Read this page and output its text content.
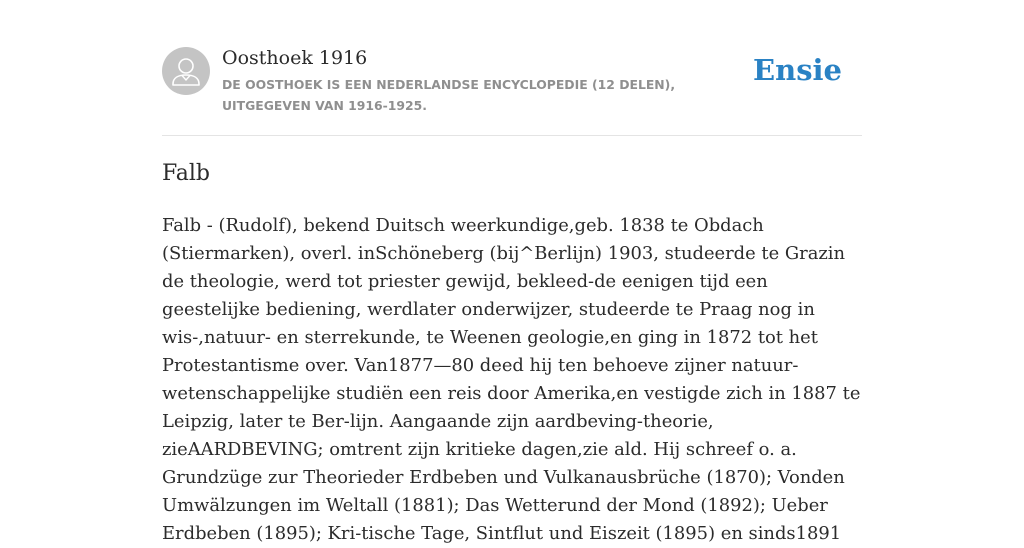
Oosthoek 1916
DE OOSTHOEK IS EEN NEDERLANDSE ENCYCLOPEDIE (12 DELEN), UITGEGEVEN VAN 1916-1925.
Ensie
Falb

Falb - (Rudolf), bekend Duitsch weerkundige,geb. 1838 te Obdach (Stiermarken), overl. inSchöneberg (bij^Berlijn) 1903, studeerde te Grazin de theologie, werd tot priester gewijd, bekleed-de eenigen tijd een geestelijke bediening, werdlater onderwijzer, studeerde te Praag nog in wis-,natuur- en sterrekunde, te Weenen geologie,en ging in 1872 tot het Protestantisme over. Van1877—80 deed hij ten behoeve zijner natuur-wetenschappelijke studiën een reis door Amerika,en vestigde zich in 1887 te Leipzig, later te Ber-lijn. Aangaande zijn aardbeving-theorie, zieAARDBEVING; omtrent zijn kritieke dagen,zie ald. Hij schreef o. a. Grundzüge zur Theorieder Erdbeben und Vulkanausbrüche (1870); Vonden Umwälzungen im Weltall (1881); Das Wetterund der Mond (1892); Ueber Erdbeben (1895); Kri-tische Tage, Sintflut und Eiszeit (1895) en sinds1891
